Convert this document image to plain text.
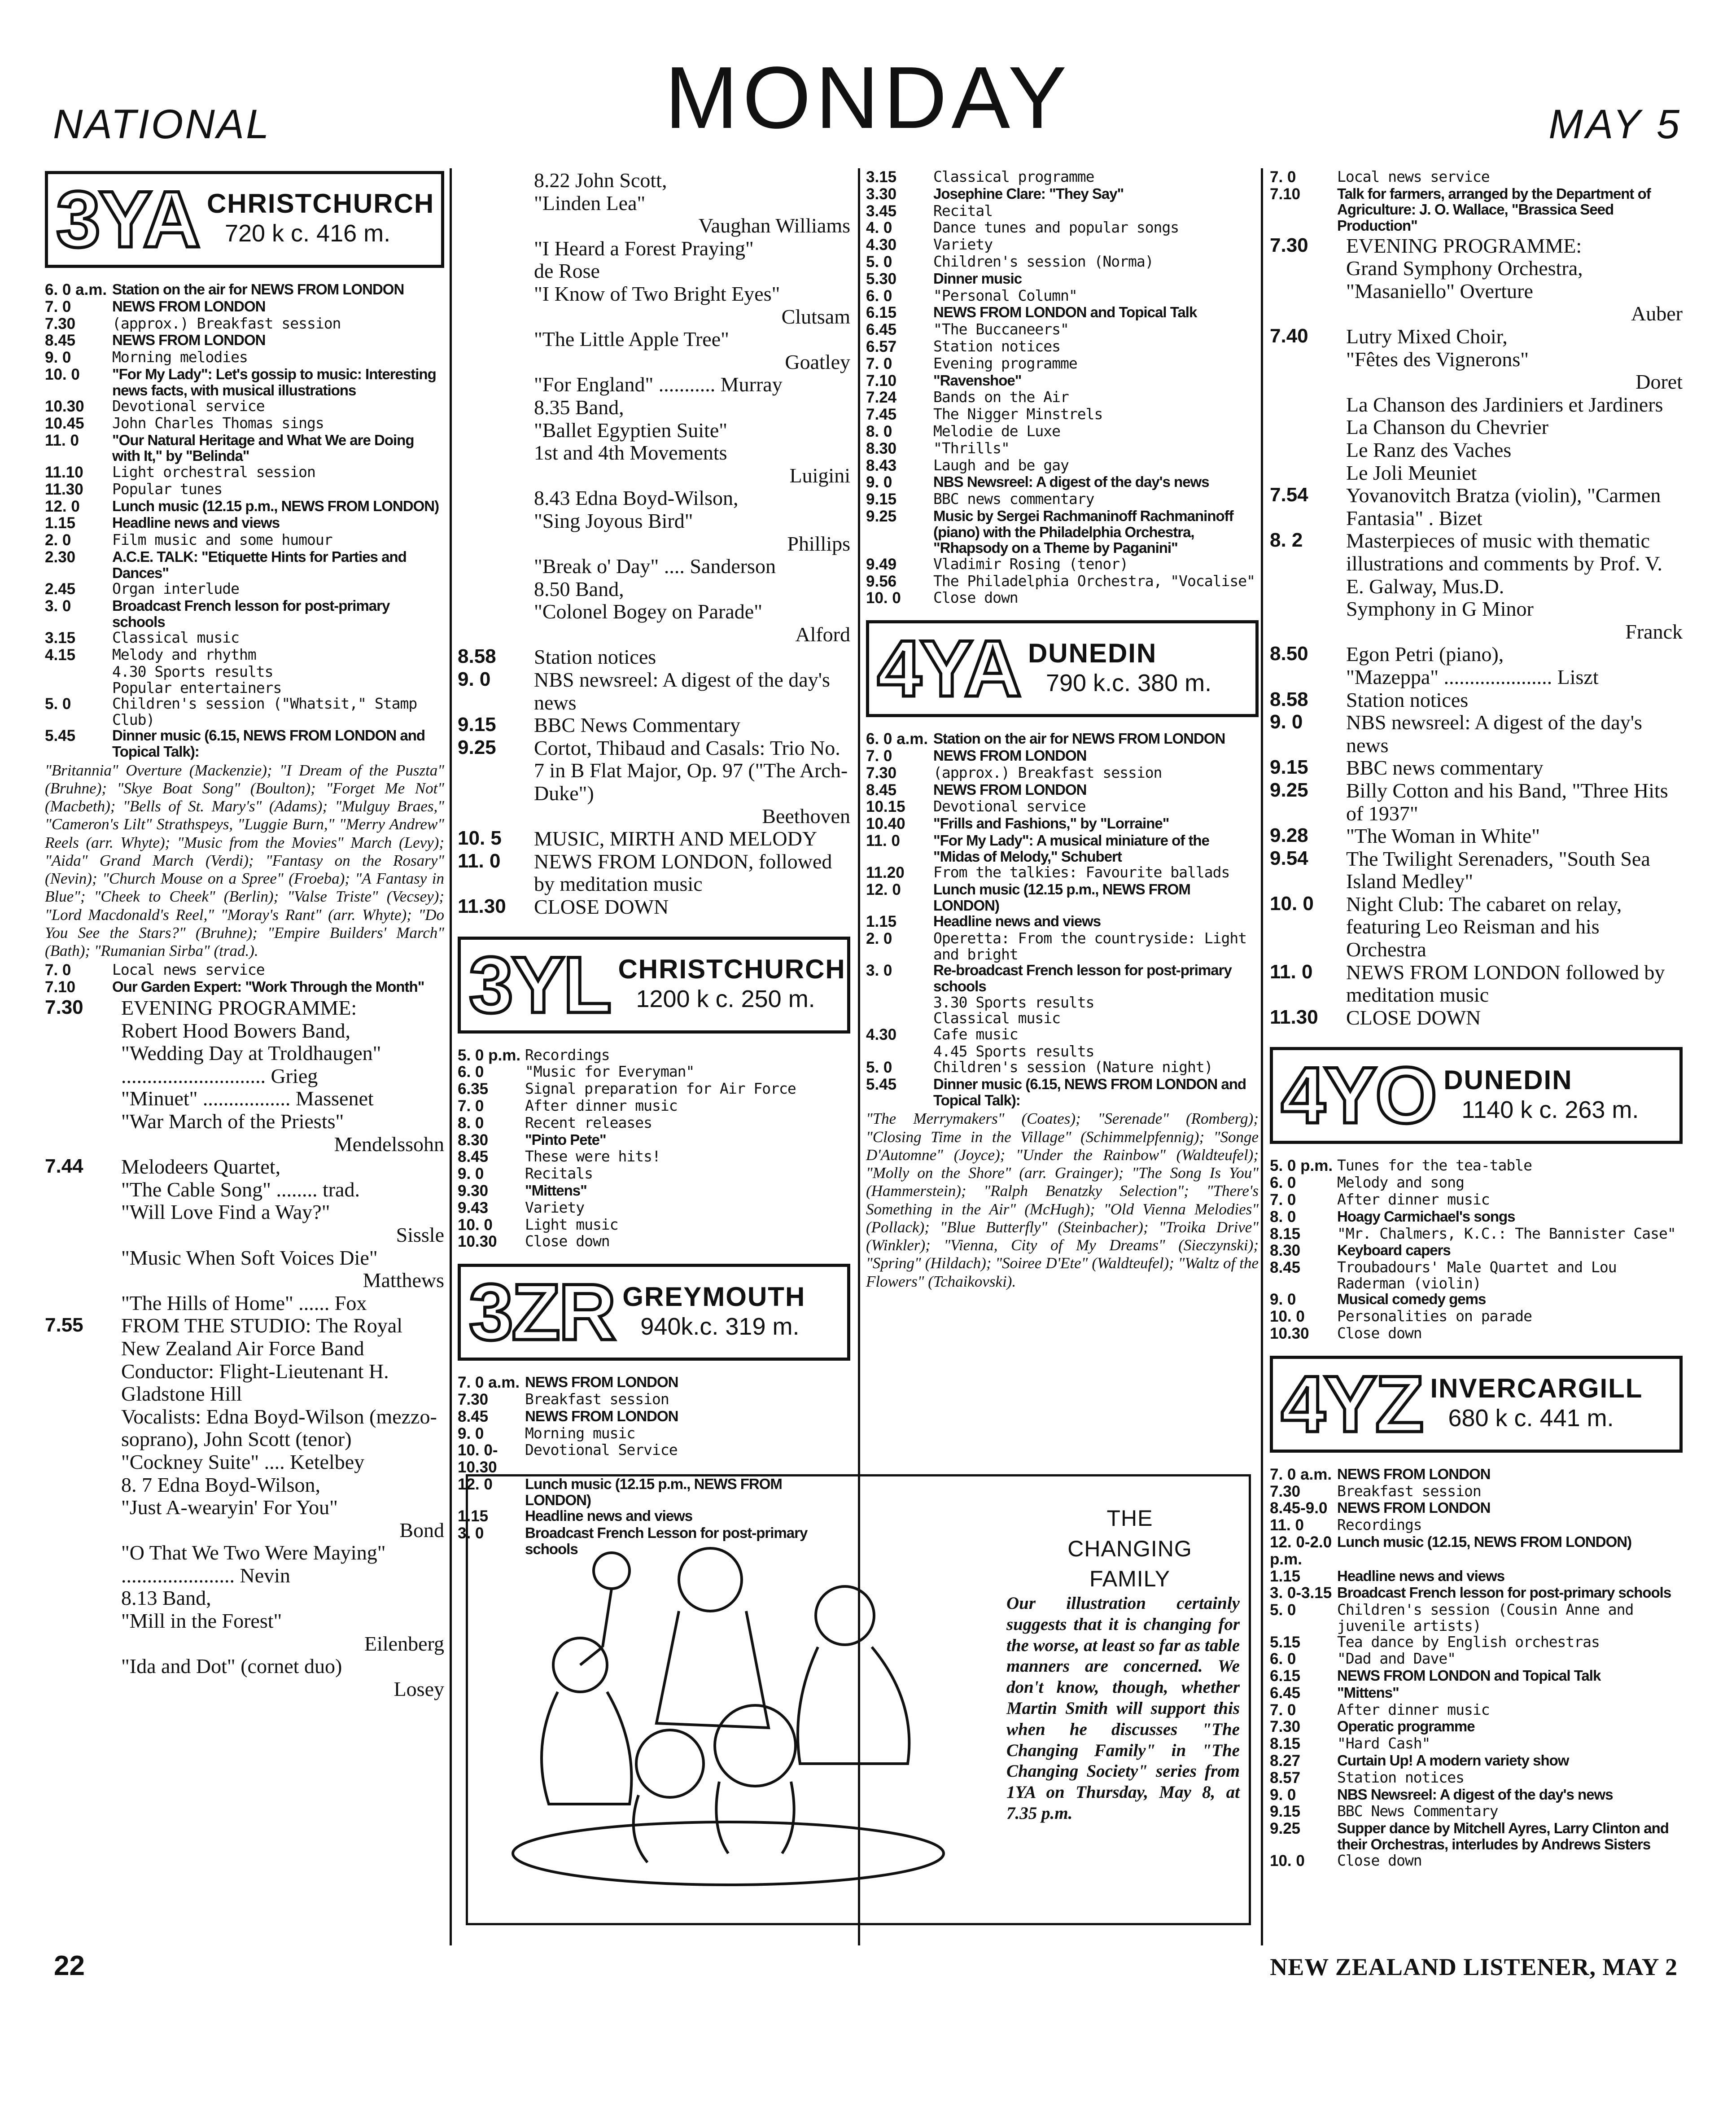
NATIONAL	MONDAY	MAY 5
3YA CHRISTCHURCH
720 k c. 416 m.
6. 0 a.m. Station on the air for NEWS FROM LONDON
7. 0	NEWS FROM LONDON
7.30	(approx.) Breakfast session
8.45	NEWS FROM LONDON
9. 0	Morning melodies
10. 0	"For My Lady": Let's gossip to music: Interesting news facts, with musical illustrations
10.30	Devotional service
10.45	John Charles Thomas sings
11. 0	"Our Natural Heritage and What We are Doing with It," by "Belinda"
11.10	Light orchestral session
11.30	Popular tunes
12. 0	Lunch music (12.15 p.m., NEWS FROM LONDON)
1.15	Headline news and views
2. 0	Film music and some humour
2.30	A.C.E. TALK: "Etiquette Hints for Parties and Dances"
2.45	Organ interlude
3. 0	Broadcast French lesson for post-primary schools
3.15	Classical music
4.15	Melody and rhythm
4.30 Sports results
Popular entertainers
5. 0	Children's session ("Whatsit," Stamp Club)
5.45	Dinner music (6.15, NEWS FROM LONDON and Topical Talk):
"Britannia" Overture (Mackenzie); "I Dream of the Puszta" (Bruhne); "Skye Boat Song" (Boulton); "Forget Me Not" (Macbeth); "Bells of St. Mary's" (Adams); "Mulguy Braes," "Cameron's Lilt" Strathspeys, "Luggie Burn," "Merry Andrew" Reels (arr. Whyte); "Music from the Movies" March (Levy); "Aida" Grand March (Verdi); "Fantasy on the Rosary" (Nevin); "Church Mouse on a Spree" (Froeba); "A Fantasy in Blue"; "Cheek to Cheek" (Berlin); "Valse Triste" (Vecsey); "Lord Macdonald's Reel," "Moray's Rant" (arr. Whyte); "Do You See the Stars?" (Bruhne); "Empire Builders' March" (Bath); "Rumanian Sirba" (trad.).
7. 0	Local news service
7.10	Our Garden Expert: "Work Through the Month"
7.30	EVENING PROGRAMME:
Robert Hood Bowers Band,
"Wedding Day at Troldhaugen" ............................ Grieg
"Minuet" ................. Massenet
"War March of the Priests"
Mendelssohn
7.44	Melodeers Quartet,
"The Cable Song" ........ trad.
"Will Love Find a Way?"
Sissle
"Music When Soft Voices Die"
Matthews
"The Hills of Home" ...... Fox
7.55	FROM THE STUDIO: The Royal New Zealand Air Force Band
Conductor: Flight-Lieutenant H. Gladstone Hill
Vocalists: Edna Boyd-Wilson (mezzo-soprano), John Scott (tenor)
"Cockney Suite" .... Ketelbey
8. 7 Edna Boyd-Wilson,
"Just A-wearyin' For You"
Bond
"O That We Two Were Maying" ...................... Nevin
8.13 Band,
"Mill in the Forest"
Eilenberg
"Ida and Dot" (cornet duo)
Losey
8.22 John Scott,
"Linden Lea"
Vaughan Williams
"I Heard a Forest Praying"
de Rose
"I Know of Two Bright Eyes"
Clutsam
"The Little Apple Tree"
Goatley
"For England" ........... Murray
8.35 Band,
"Ballet Egyptien Suite"
1st and 4th Movements
Luigini
8.43 Edna Boyd-Wilson,
"Sing Joyous Bird"
Phillips
"Break o' Day" .... Sanderson
8.50 Band,
"Colonel Bogey on Parade"
Alford
8.58	Station notices
9. 0	NBS newsreel: A digest of the day's news
9.15	BBC News Commentary
9.25	Cortot, Thibaud and Casals: Trio No. 7 in B Flat Major, Op. 97 ("The Arch-Duke")
Beethoven
10. 5	MUSIC, MIRTH AND MELODY
11. 0	NEWS FROM LONDON, followed by meditation music
11.30	CLOSE DOWN
3YL CHRISTCHURCH
1200 k c. 250 m.
5. 0 p.m. Recordings
6. 0	"Music for Everyman"
6.35	Signal preparation for Air Force
7. 0	After dinner music
8. 0	Recent releases
8.30	"Pinto Pete"
8.45	These were hits!
9. 0	Recitals
9.30	"Mittens"
9.43	Variety
10. 0	Light music
10.30	Close down
3ZR GREYMOUTH
940k.c. 319 m.
7. 0 a.m. NEWS FROM LONDON
7.30	Breakfast session
8.45	NEWS FROM LONDON
9. 0	Morning music
10. 0-10.30
Devotional Service
12. 0	Lunch music (12.15 p.m., NEWS FROM LONDON)
1.15	Headline news and views
3. 0	Broadcast French Lesson for post-primary schools
3.15	Classical programme
3.30	Josephine Clare: "They Say"
3.45	Recital
4. 0	Dance tunes and popular songs
4.30	Variety
5. 0	Children's session (Norma)
5.30	Dinner music
6. 0	"Personal Column"
6.15	NEWS FROM LONDON and Topical Talk
6.45	"The Buccaneers"
6.57	Station notices
7. 0	Evening programme
7.10	"Ravenshoe"
7.24	Bands on the Air
7.45	The Nigger Minstrels
8. 0	Melodie de Luxe
8.30	"Thrills"
8.43	Laugh and be gay
9. 0	NBS Newsreel: A digest of the day's news
9.15	BBC news commentary
9.25	Music by Sergei Rachmaninoff Rachmaninoff (piano) with the Philadelphia Orchestra, "Rhapsody on a Theme by Paganini"
9.49	Vladimir Rosing (tenor)
9.56	The Philadelphia Orchestra, "Vocalise"
10. 0	Close down
4YA DUNEDIN
790 k.c. 380 m.
6. 0 a.m. Station on the air for NEWS FROM LONDON
7. 0	NEWS FROM LONDON
7.30	(approx.) Breakfast session
8.45	NEWS FROM LONDON
10.15	Devotional service
10.40	"Frills and Fashions," by "Lorraine"
11. 0	"For My Lady": A musical miniature of the "Midas of Melody," Schubert
11.20	From the talkies: Favourite ballads
12. 0	Lunch music (12.15 p.m., NEWS FROM LONDON)
1.15	Headline news and views
2. 0	Operetta: From the countryside: Light and bright
3. 0	Re-broadcast French lesson for post-primary schools
3.30 Sports results
Classical music
4.30	Cafe music
4.45 Sports results
5. 0	Children's session (Nature night)
5.45	Dinner music (6.15, NEWS FROM LONDON and Topical Talk):
"The Merrymakers" (Coates); "Serenade" (Romberg); "Closing Time in the Village" (Schimmelpfennig); "Songe D'Automne" (Joyce); "Under the Rainbow" (Waldteufel); "Molly on the Shore" (arr. Grainger); "The Song Is You" (Hammerstein); "Ralph Benatzky Selection"; "There's Something in the Air" (McHugh); "Old Vienna Melodies" (Pollack); "Blue Butterfly" (Steinbacher); "Troika Drive" (Winkler); "Vienna, City of My Dreams" (Sieczynski); "Spring" (Hildach); "Soiree D'Ete" (Waldteufel); "Waltz of the Flowers" (Tchaikovski).
7. 0	Local news service
7.10	Talk for farmers, arranged by the Department of Agriculture: J. O. Wallace, "Brassica Seed Production"
7.30	EVENING PROGRAMME:
Grand Symphony Orchestra,
"Masaniello" Overture
Auber
7.40	Lutry Mixed Choir,
"Fêtes des Vignerons"
Doret
La Chanson des Jardiniers et Jardiners
La Chanson du Chevrier
Le Ranz des Vaches
Le Joli Meuniet
7.54	Yovanovitch Bratza (violin), "Carmen Fantasia" . Bizet
8. 2	Masterpieces of music with thematic illustrations and comments by Prof. V. E. Galway, Mus.D.
Symphony in G Minor
Franck
8.50	Egon Petri (piano),
"Mazeppa" ..................... Liszt
8.58	Station notices
9. 0	NBS newsreel: A digest of the day's news
9.15	BBC news commentary
9.25	Billy Cotton and his Band, "Three Hits of 1937"
9.28	"The Woman in White"
9.54	The Twilight Serenaders, "South Sea Island Medley"
10. 0	Night Club: The cabaret on relay, featuring Leo Reisman and his Orchestra
11. 0	NEWS FROM LONDON followed by meditation music
11.30	CLOSE DOWN
4YO DUNEDIN
1140 k c. 263 m.
5. 0 p.m. Tunes for the tea-table
6. 0	Melody and song
7. 0	After dinner music
8. 0	Hoagy Carmichael's songs
8.15	"Mr. Chalmers, K.C.: The Bannister Case"
8.30	Keyboard capers
8.45	Troubadours' Male Quartet and Lou Raderman (violin)
9. 0	Musical comedy gems
10. 0	Personalities on parade
10.30	Close down
4YZ INVERCARGILL
680 k c. 441 m.
7. 0 a.m. NEWS FROM LONDON
7.30	Breakfast session
8.45-9.0 NEWS FROM LONDON
11. 0	Recordings
12. 0-2.0 p.m.
Lunch music (12.15, NEWS FROM LONDON)
1.15	Headline news and views
3. 0-3.15 Broadcast French lesson for post-primary schools
5. 0	Children's session (Cousin Anne and juvenile artists)
5.15	Tea dance by English orchestras
6. 0	"Dad and Dave"
6.15	NEWS FROM LONDON and Topical Talk
6.45	"Mittens"
7. 0	After dinner music
7.30	Operatic programme
8.15	"Hard Cash"
8.27	Curtain Up! A modern variety show
8.57	Station notices
9. 0	NBS Newsreel: A digest of the day's news
9.15	BBC News Commentary
9.25	Supper dance by Mitchell Ayres, Larry Clinton and their Orchestras, interludes by Andrews Sisters
10. 0	Close down
THE
CHANGING
FAMILY
Our illustration certainly suggests that it is changing for the worse, at least so far as table manners are concerned. We don't know, though, whether Martin Smith will support this when he discusses "The Changing Family" in "The Changing Society" series from 1YA on Thursday, May 8, at 7.35 p.m.
22	NEW ZEALAND LISTENER, MAY 2
